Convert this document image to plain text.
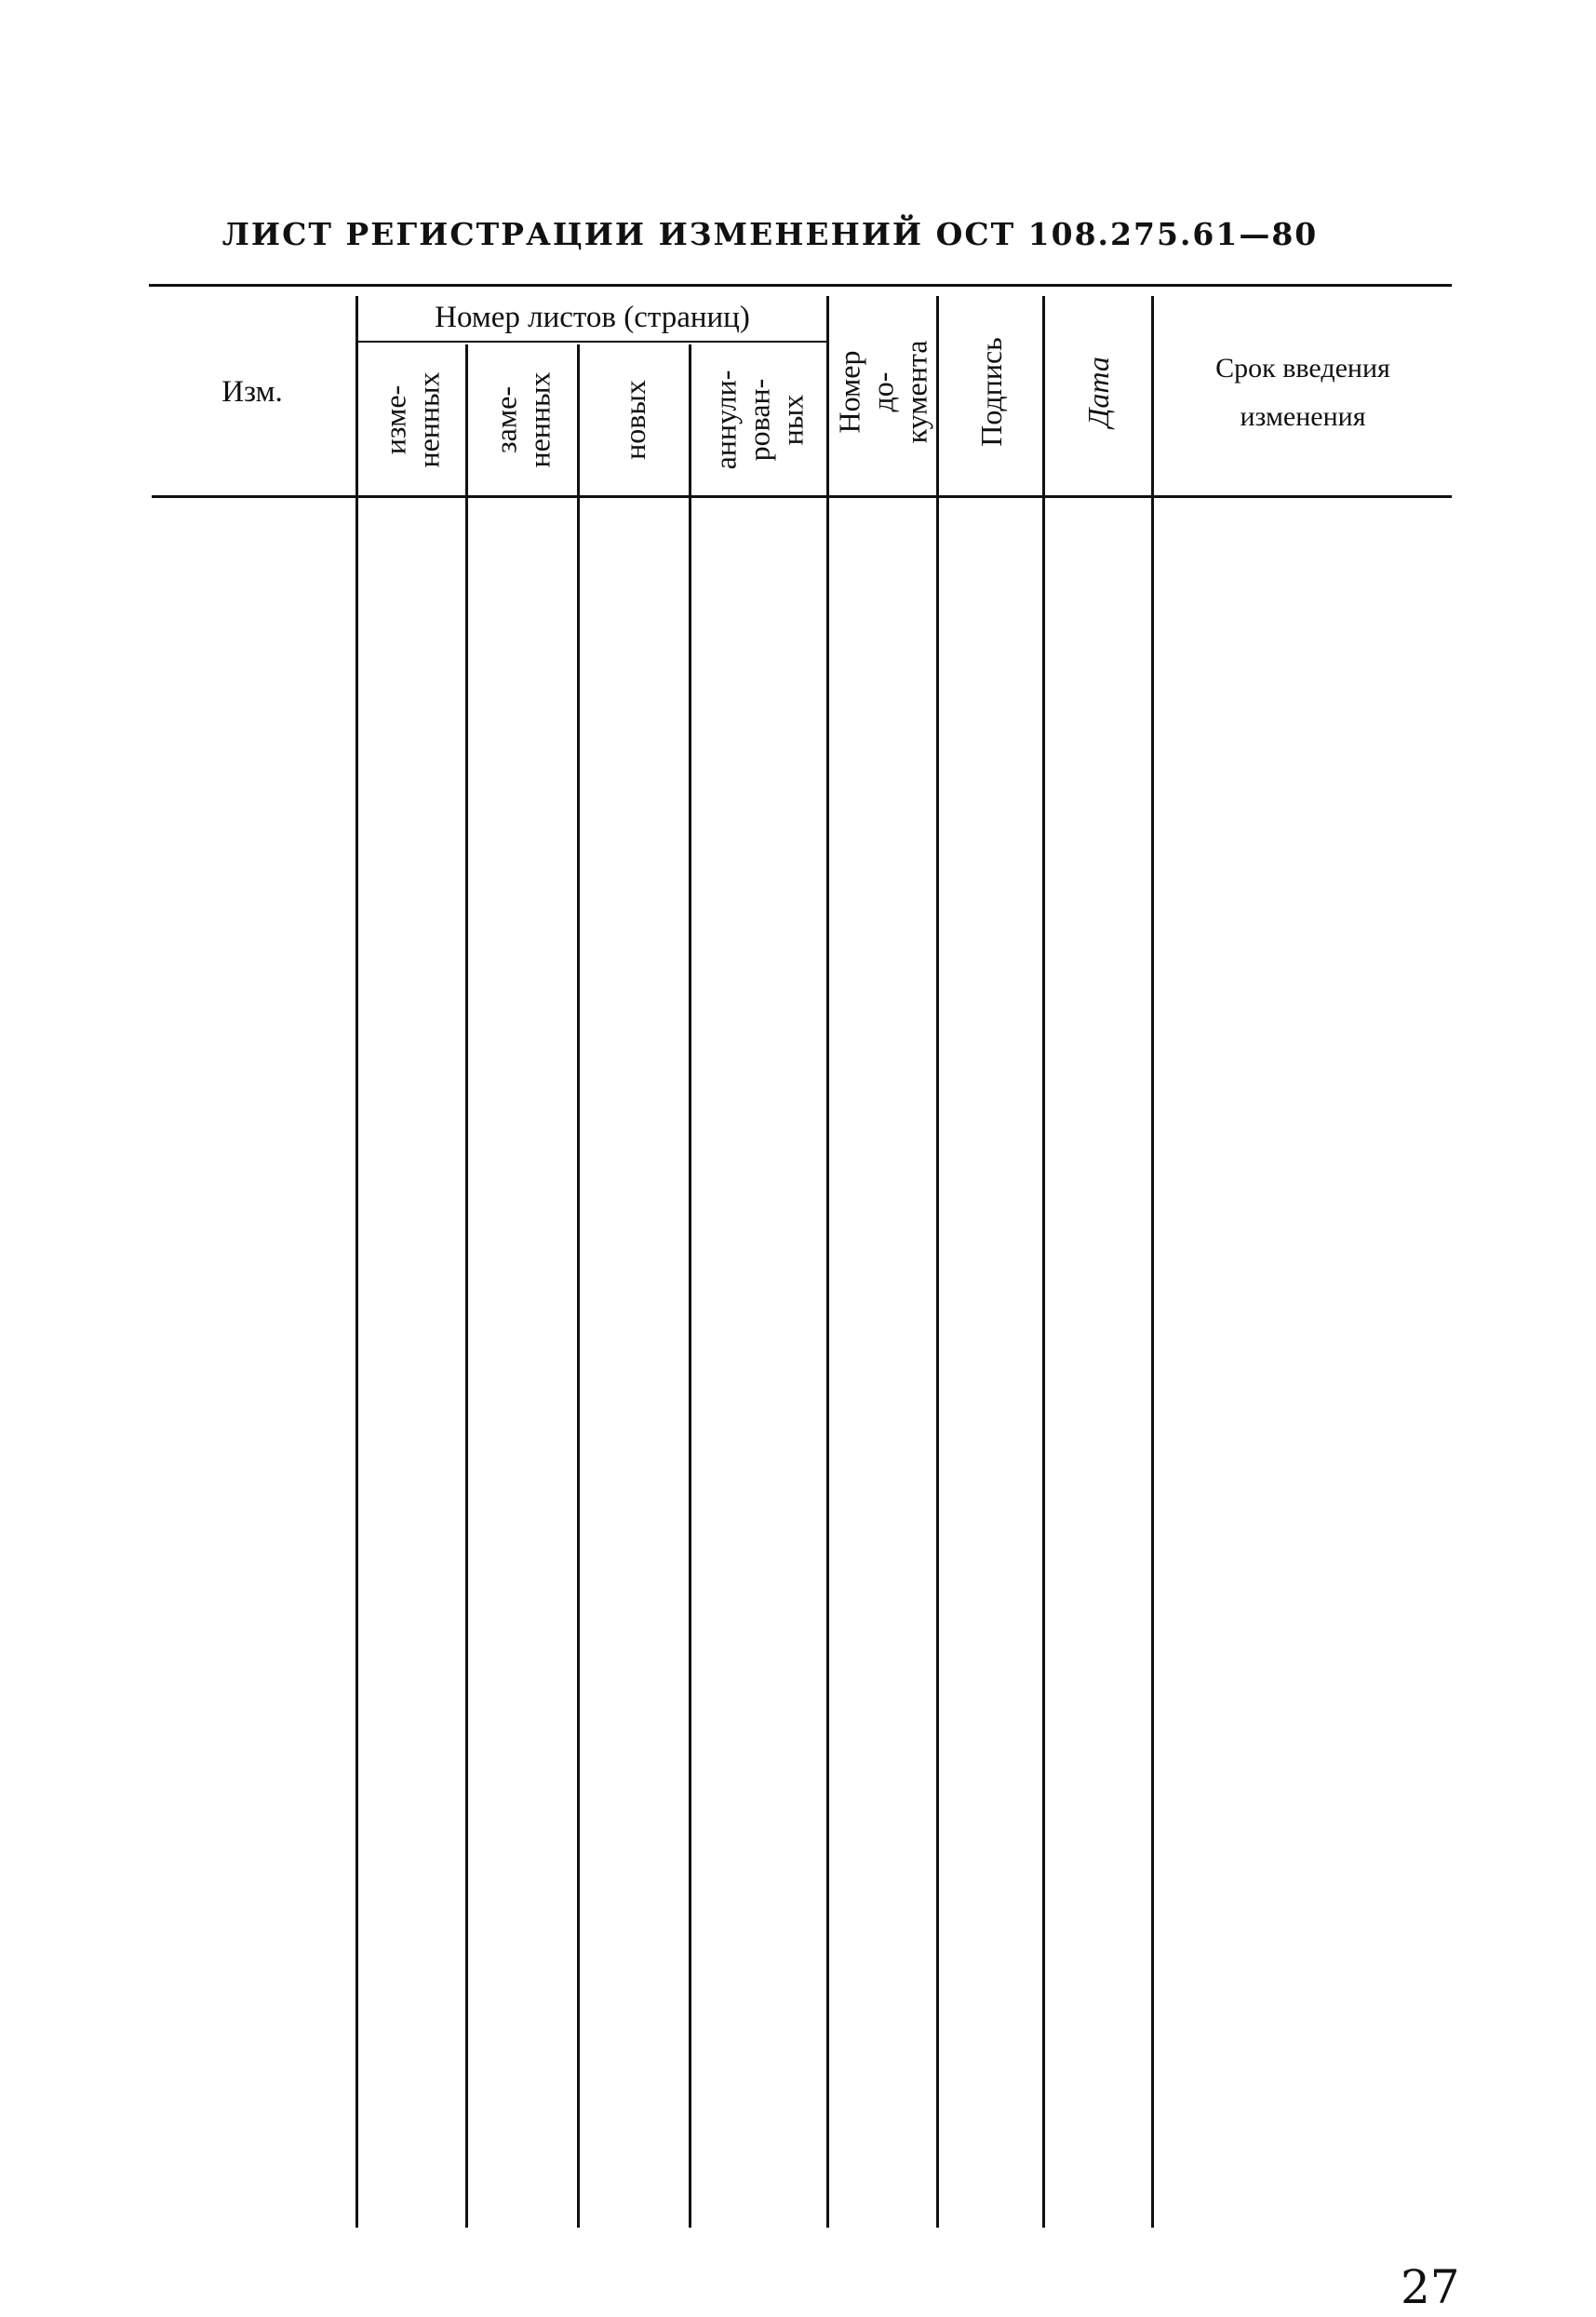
ЛИСТ РЕГИСТРАЦИИ ИЗМЕНЕНИЙ ОСТ 108.275.61—80
Изм.
Номер листов (страниц)
изме-
ненных заме-
ненных новых аннули-
рован-
ных Номер до-
кумента Подпись Дата	Срок введения
изменения
27
